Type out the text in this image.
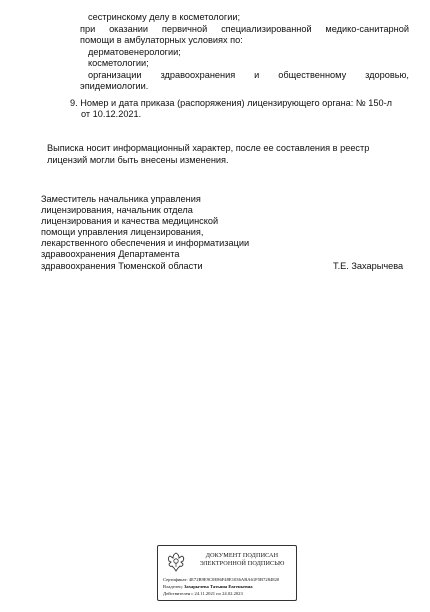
сестринскому делу в косметологии;
при оказании первичной специализированной медико-санитарной
помощи в амбулаторных условиях по:
дерматовенерологии;
косметологии;
организации здравоохранения и общественному здоровью,
эпидемиологии.
9. Номер и дата приказа (распоряжения) лицензирующего органа: № 150-л
от 10.12.2021.
Выписка носит информационный характер, после ее составления в реестр
лицензий могли быть внесены изменения.
Заместитель начальника управления
лицензирования, начальник отдела
лицензирования и качества медицинской
помощи управления лицензирования,
лекарственного обеспечения и информатизации
здравоохранения Департамента
здравоохранения Тюменской области	Т.Е. Захарычева
ДОКУМЕНТ ПОДПИСАН
ЭЛЕКТРОННОЙ ПОДПИСЬЮ
Сертификат: 4E72B9E9C0E86F48E1036ABA61F5B7284820
Владелец: Захарычева Татьяна Евгеньевна
Действителен с 24.11.2021 по 24.02.2023
